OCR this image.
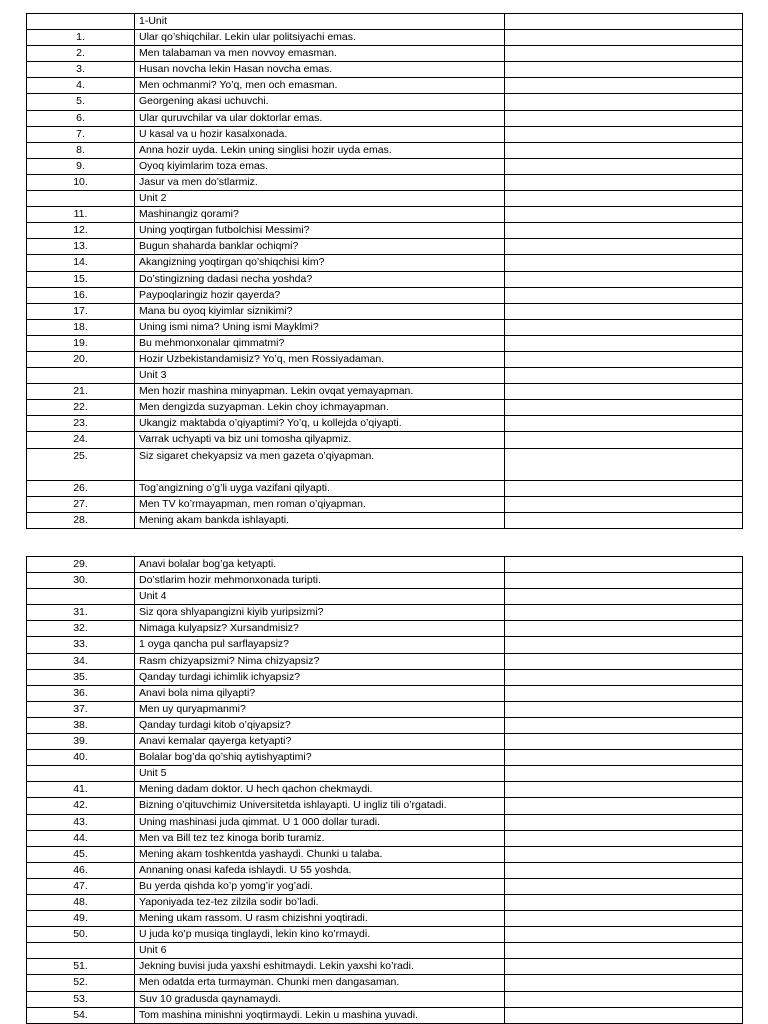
	1-Unit	
1.	Ular qo’shiqchilar. Lekin ular politsiyachi emas.	
2.	Men talabaman va men novvoy emasman.	
3.	Husan novcha lekin Hasan novcha emas.	
4.	Men ochmanmi? Yo’q, men och emasman.	
5.	Georgening akasi uchuvchi.	
6.	Ular quruvchilar va ular doktorlar emas.	
7.	U kasal va u hozir kasalxonada.	
8.	Anna hozir uyda. Lekin uning singlisi hozir uyda emas.	
9.	Oyoq kiyimlarim toza emas.	
10.	Jasur va men do’stlarmiz.	
	Unit 2	
11.	Mashinangiz qorami?	
12.	Uning yoqtirgan futbolchisi Messimi?	
13.	Bugun shaharda banklar ochiqmi?	
14.	Akangizning yoqtirgan qo’shiqchisi kim?	
15.	Do’stingizning dadasi necha yoshda?	
16.	Paypoqlaringiz hozir qayerda?	
17.	Mana bu oyoq kiyimlar siznikimi?	
18.	Uning ismi nima? Uning ismi Mayklmi?	
19.	Bu mehmonxonalar qimmatmi?	
20.	Hozir Uzbekistandamisiz? Yo’q, men Rossiyadaman.	
	Unit 3	
21.	Men hozir mashina minyapman. Lekin ovqat yemayapman.	
22.	Men dengizda suzyapman. Lekin choy ichmayapman.	
23.	Ukangiz maktabda o’qiyaptimi? Yo’q, u kollejda o’qiyapti.	
24.	Varrak uchyapti va biz uni tomosha qilyapmiz.	
25.	Siz sigaret chekyapsiz va men gazeta o’qiyapman.	
26.	Tog’angizning o’g’li uyga vazifani qilyapti.	
27.	Men TV ko’rmayapman, men roman o’qiyapman.	
28.	Mening akam bankda ishlayapti.	
29.	Anavi bolalar bog’ga ketyapti.	
30.	Do’stlarim hozir mehmonxonada turipti.	
	Unit 4	
31.	Siz qora shlyapangizni kiyib yuripsizmi?	
32.	Nimaga kulyapsiz? Xursandmisiz?	
33.	1 oyga qancha pul sarflayapsiz?	
34.	Rasm chizyapsizmi? Nima chizyapsiz?	
35.	Qanday turdagi ichimlik ichyapsiz?	
36.	Anavi bola nima qilyapti?	
37.	Men uy quryapmanmi?	
38.	Qanday turdagi kitob o’qiyapsiz?	
39.	Anavi kemalar qayerga ketyapti?	
40.	Bolalar bog’da qo’shiq aytishyaptimi?	
	Unit 5	
41.	Mening dadam doktor. U hech qachon chekmaydi.	
42.	Bizning o’qituvchimiz Universitetda ishlayapti. U ingliz tili o’rgatadi.	
43.	Uning mashinasi juda qimmat. U 1 000 dollar turadi.	
44.	Men va Bill tez tez kinoga borib turamiz.	
45.	Mening akam toshkentda yashaydi. Chunki u talaba.	
46.	Annaning onasi kafeda ishlaydi. U 55 yoshda.	
47.	Bu yerda qishda ko’p yomg’ir yog’adi.	
48.	Yaponiyada tez-tez zilzila sodir bo’ladi.	
49.	Mening ukam rassom. U rasm chizishni yoqtiradi.	
50.	U juda ko’p musiqa tinglaydi, lekin kino ko’rmaydi.	
	Unit 6	
51.	Jekning buvisi juda yaxshi eshitmaydi. Lekin yaxshi ko’radi.	
52.	Men odatda erta turmayman. Chunki men dangasaman.	
53.	Suv 10 gradusda qaynamaydi.	
54.	Tom mashina minishni yoqtirmaydi. Lekin u mashina yuvadi.	
